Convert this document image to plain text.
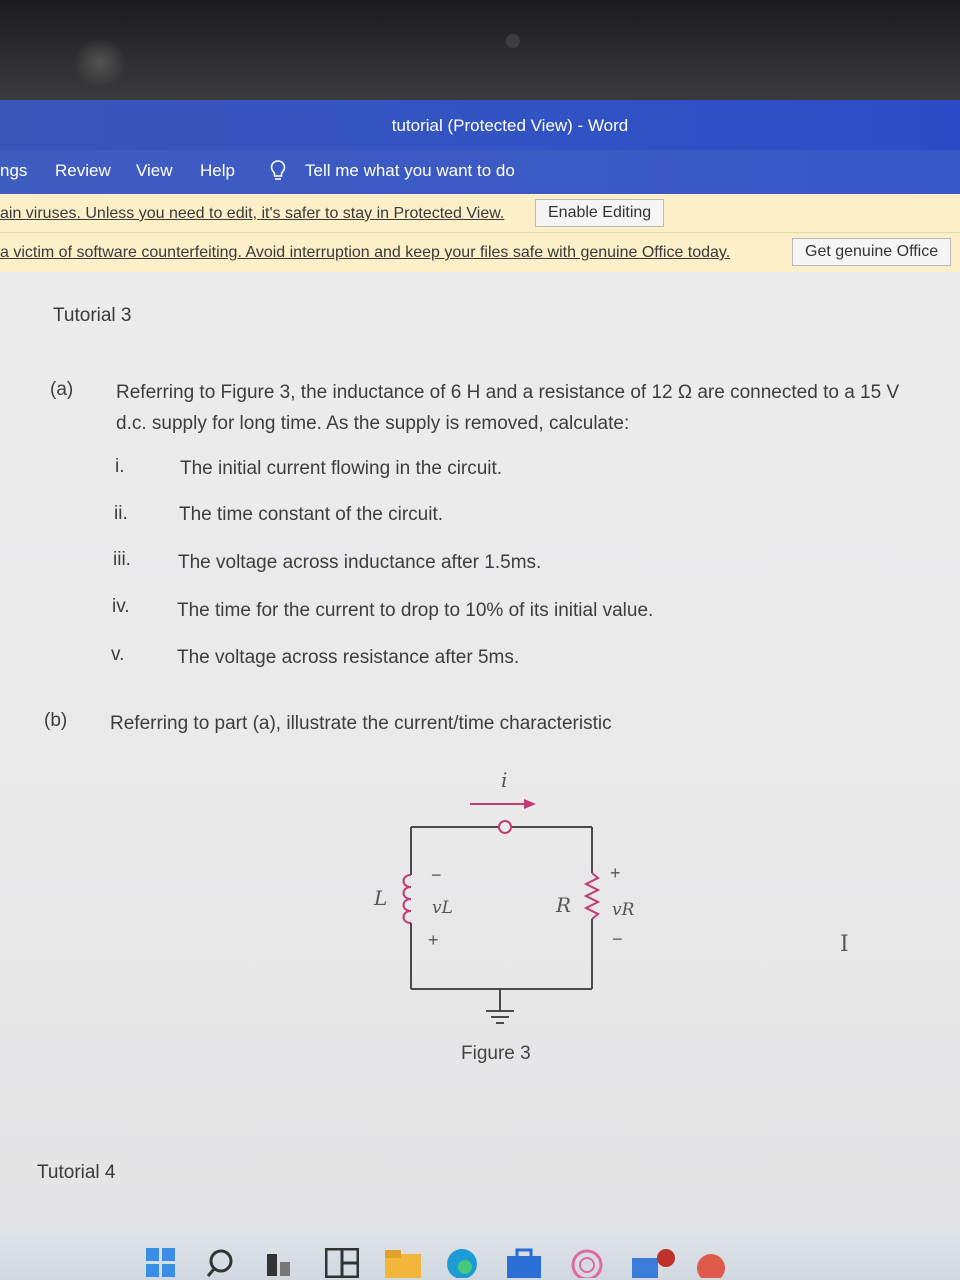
tutorial (Protected View) - Word
ngs Review View Help	Tell me what you want to do
ain viruses. Unless you need to edit, it's safer to stay in Protected View.	Enable Editing
a victim of software counterfeiting. Avoid interruption and keep your files safe with genuine Office today.	Get genuine Office
Tutorial 3
(a) Referring to Figure 3, the inductance of 6 H and a resistance of 12 Ω are connected to a 15 V
d.c. supply for long time. As the supply is removed, calculate:
i.	The initial current flowing in the circuit.
ii.	The time constant of the circuit.
iii. The voltage across inductance after 1.5ms.
iv. The time for the current to drop to 10% of its initial value.
v.	The voltage across resistance after 5ms.
(b) Referring to part (a), illustrate the current/time characteristic
i
L
−
vL
+
R
+
vR
−
Figure 3
I
Tutorial 4
